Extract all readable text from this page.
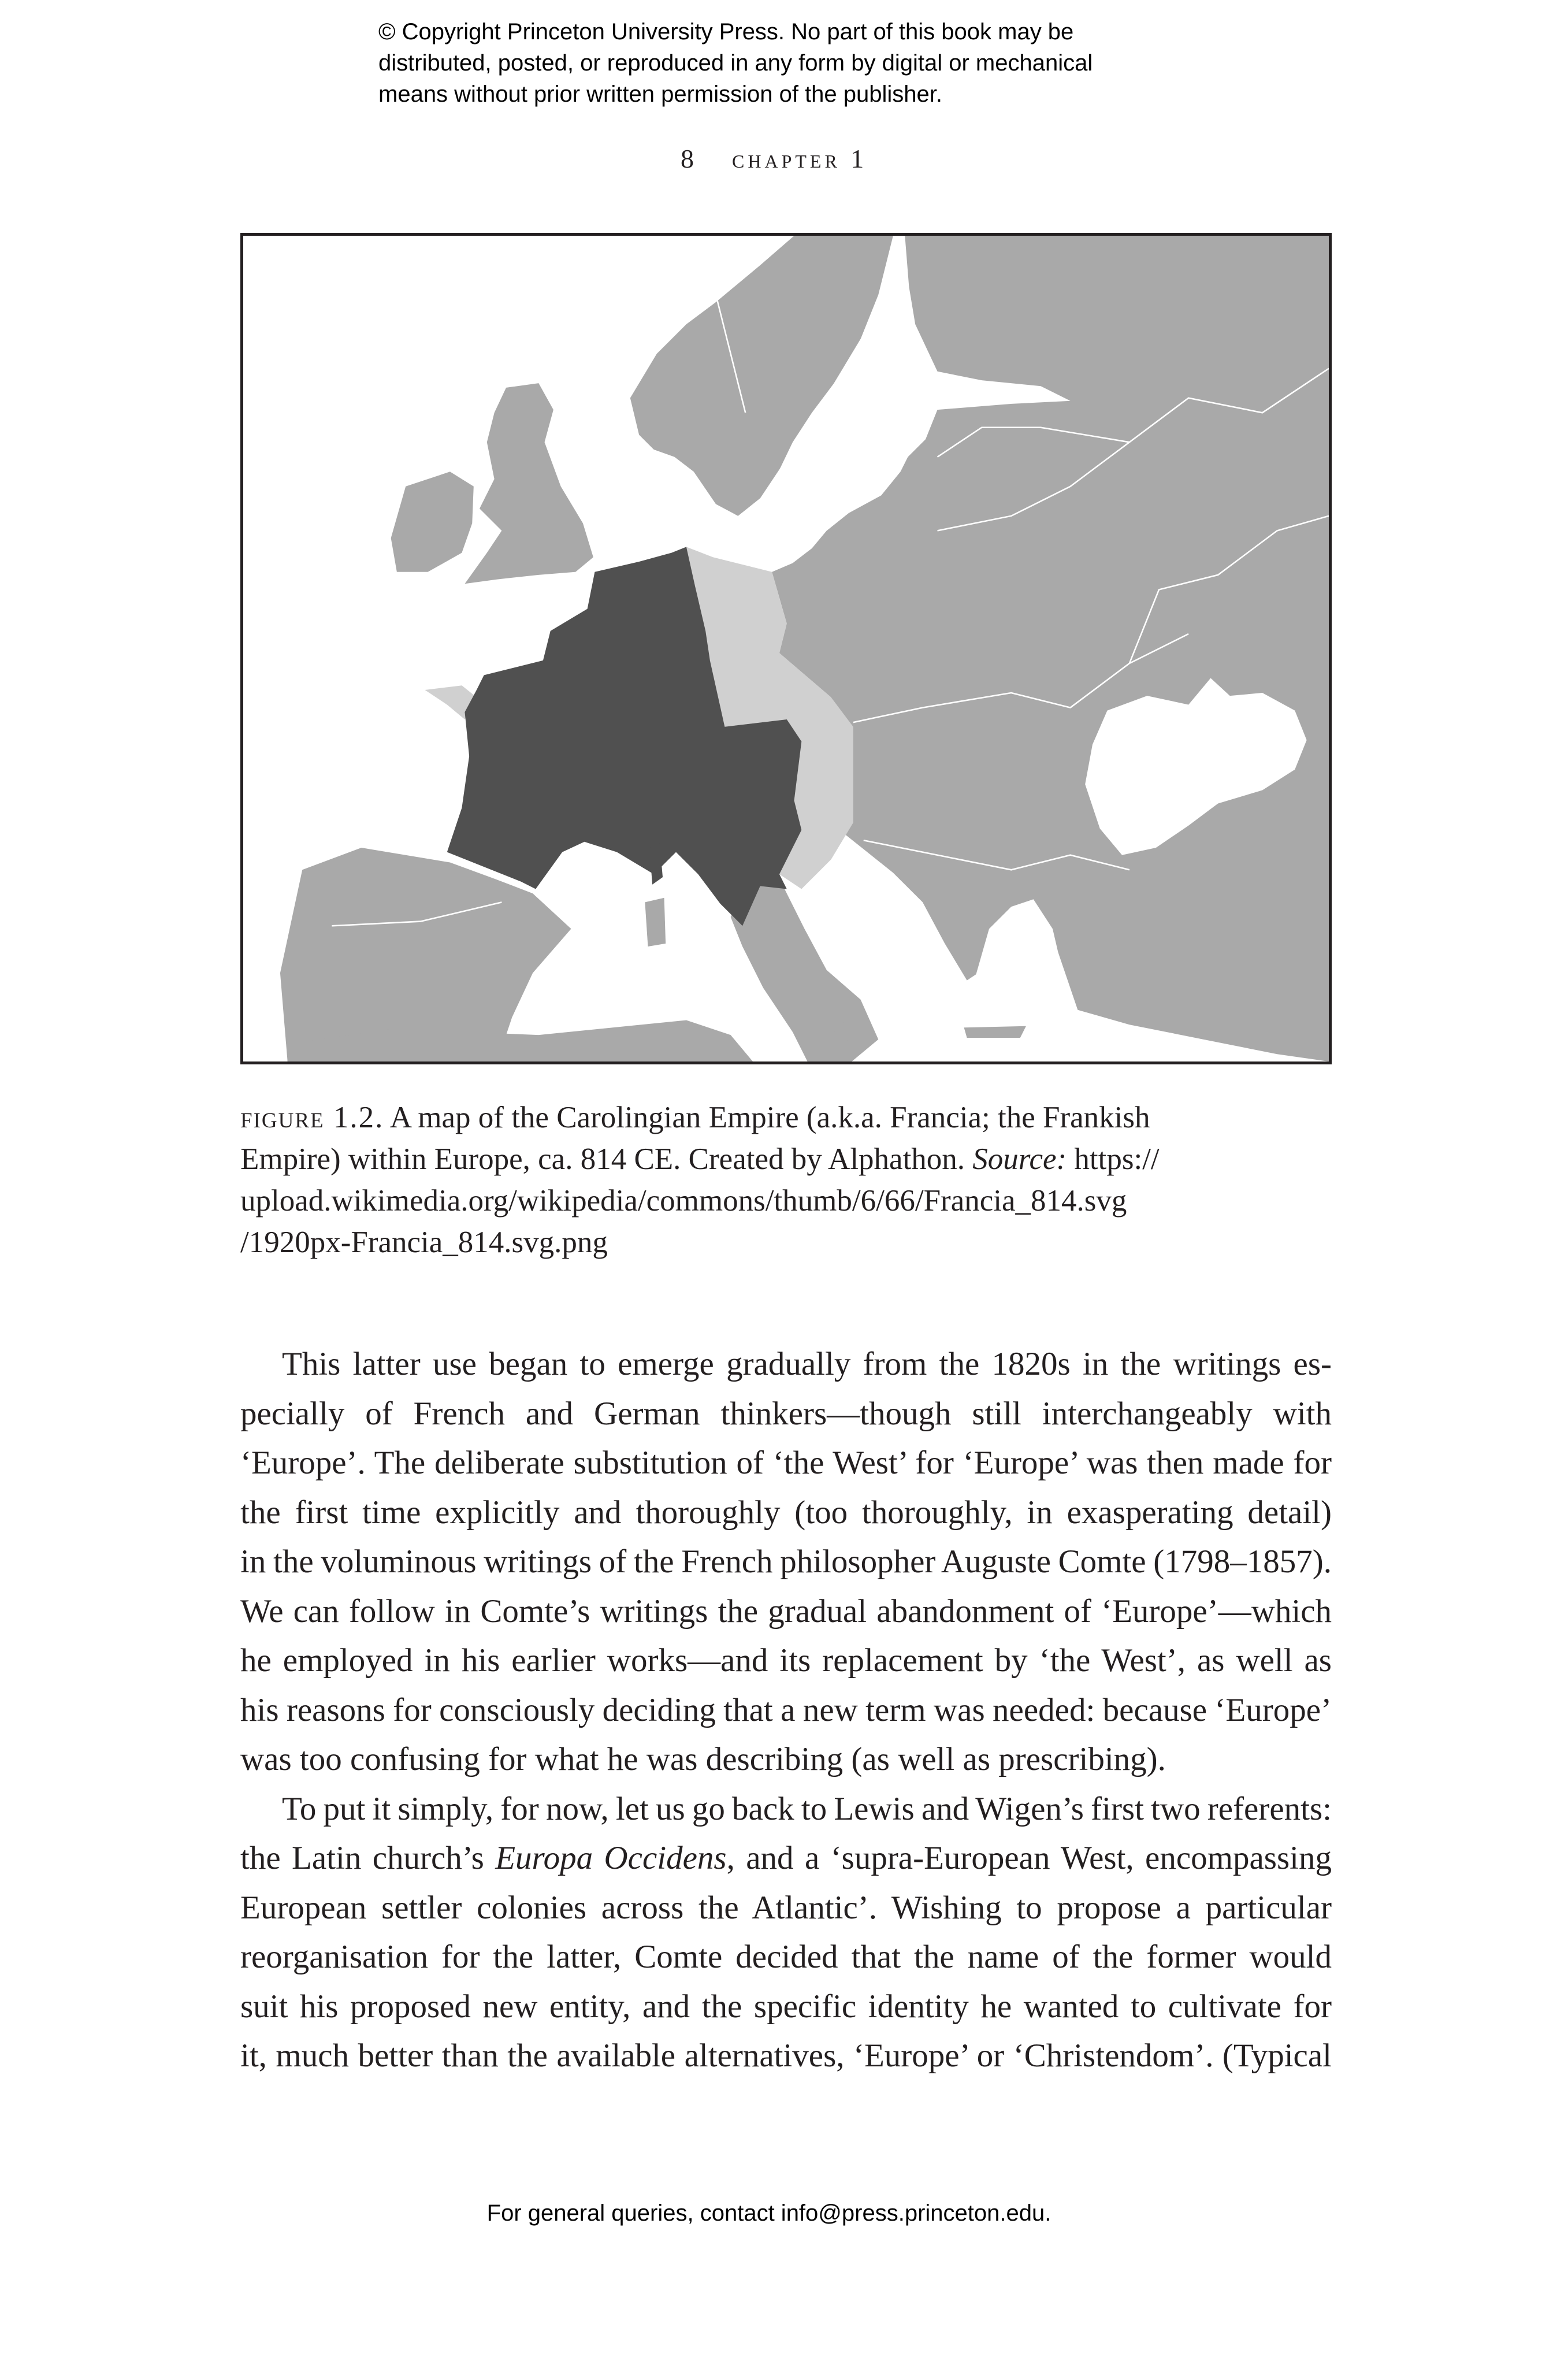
© Copyright Princeton University Press. No part of this book may be
distributed, posted, or reproduced in any form by digital or mechanical
means without prior written permission of the publisher.
8 chapter 1
figure 1.2. A map of the Carolingian Empire (a.k.a. Francia; the Frankish
Empire) within Europe, ca. 814 CE. Created by Alphathon. Source: https://
upload.wikimedia.org/wikipedia/commons/thumb/6/66/Francia_814.svg
/1920px-Francia_814.svg.png
This latter use began to emerge gradually from the 1820s in the writings es-
pecially of French and German thinkers—though still interchangeably with
‘Europe’. The deliberate substitution of ‘the West’ for ‘Europe’ was then made for
the first time explicitly and thoroughly (too thoroughly, in exasperating detail)
in the voluminous writings of the French philosopher Auguste Comte (1798–1857).
We can follow in Comte’s writings the gradual abandonment of ‘Europe’—which
he employed in his earlier works—and its replacement by ‘the West’, as well as
his reasons for consciously deciding that a new term was needed: because ‘Europe’
was too confusing for what he was describing (as well as prescribing).
To put it simply, for now, let us go back to Lewis and Wigen’s first two referents:
the Latin church’s Europa Occidens, and a ‘supra-European West, encompassing
European settler colonies across the Atlantic’. Wishing to propose a particular
reorganisation for the latter, Comte decided that the name of the former would
suit his proposed new entity, and the specific identity he wanted to cultivate for
it, much better than the available alternatives, ‘Europe’ or ‘Christendom’. (Typical
For general queries, contact info@press.princeton.edu.
